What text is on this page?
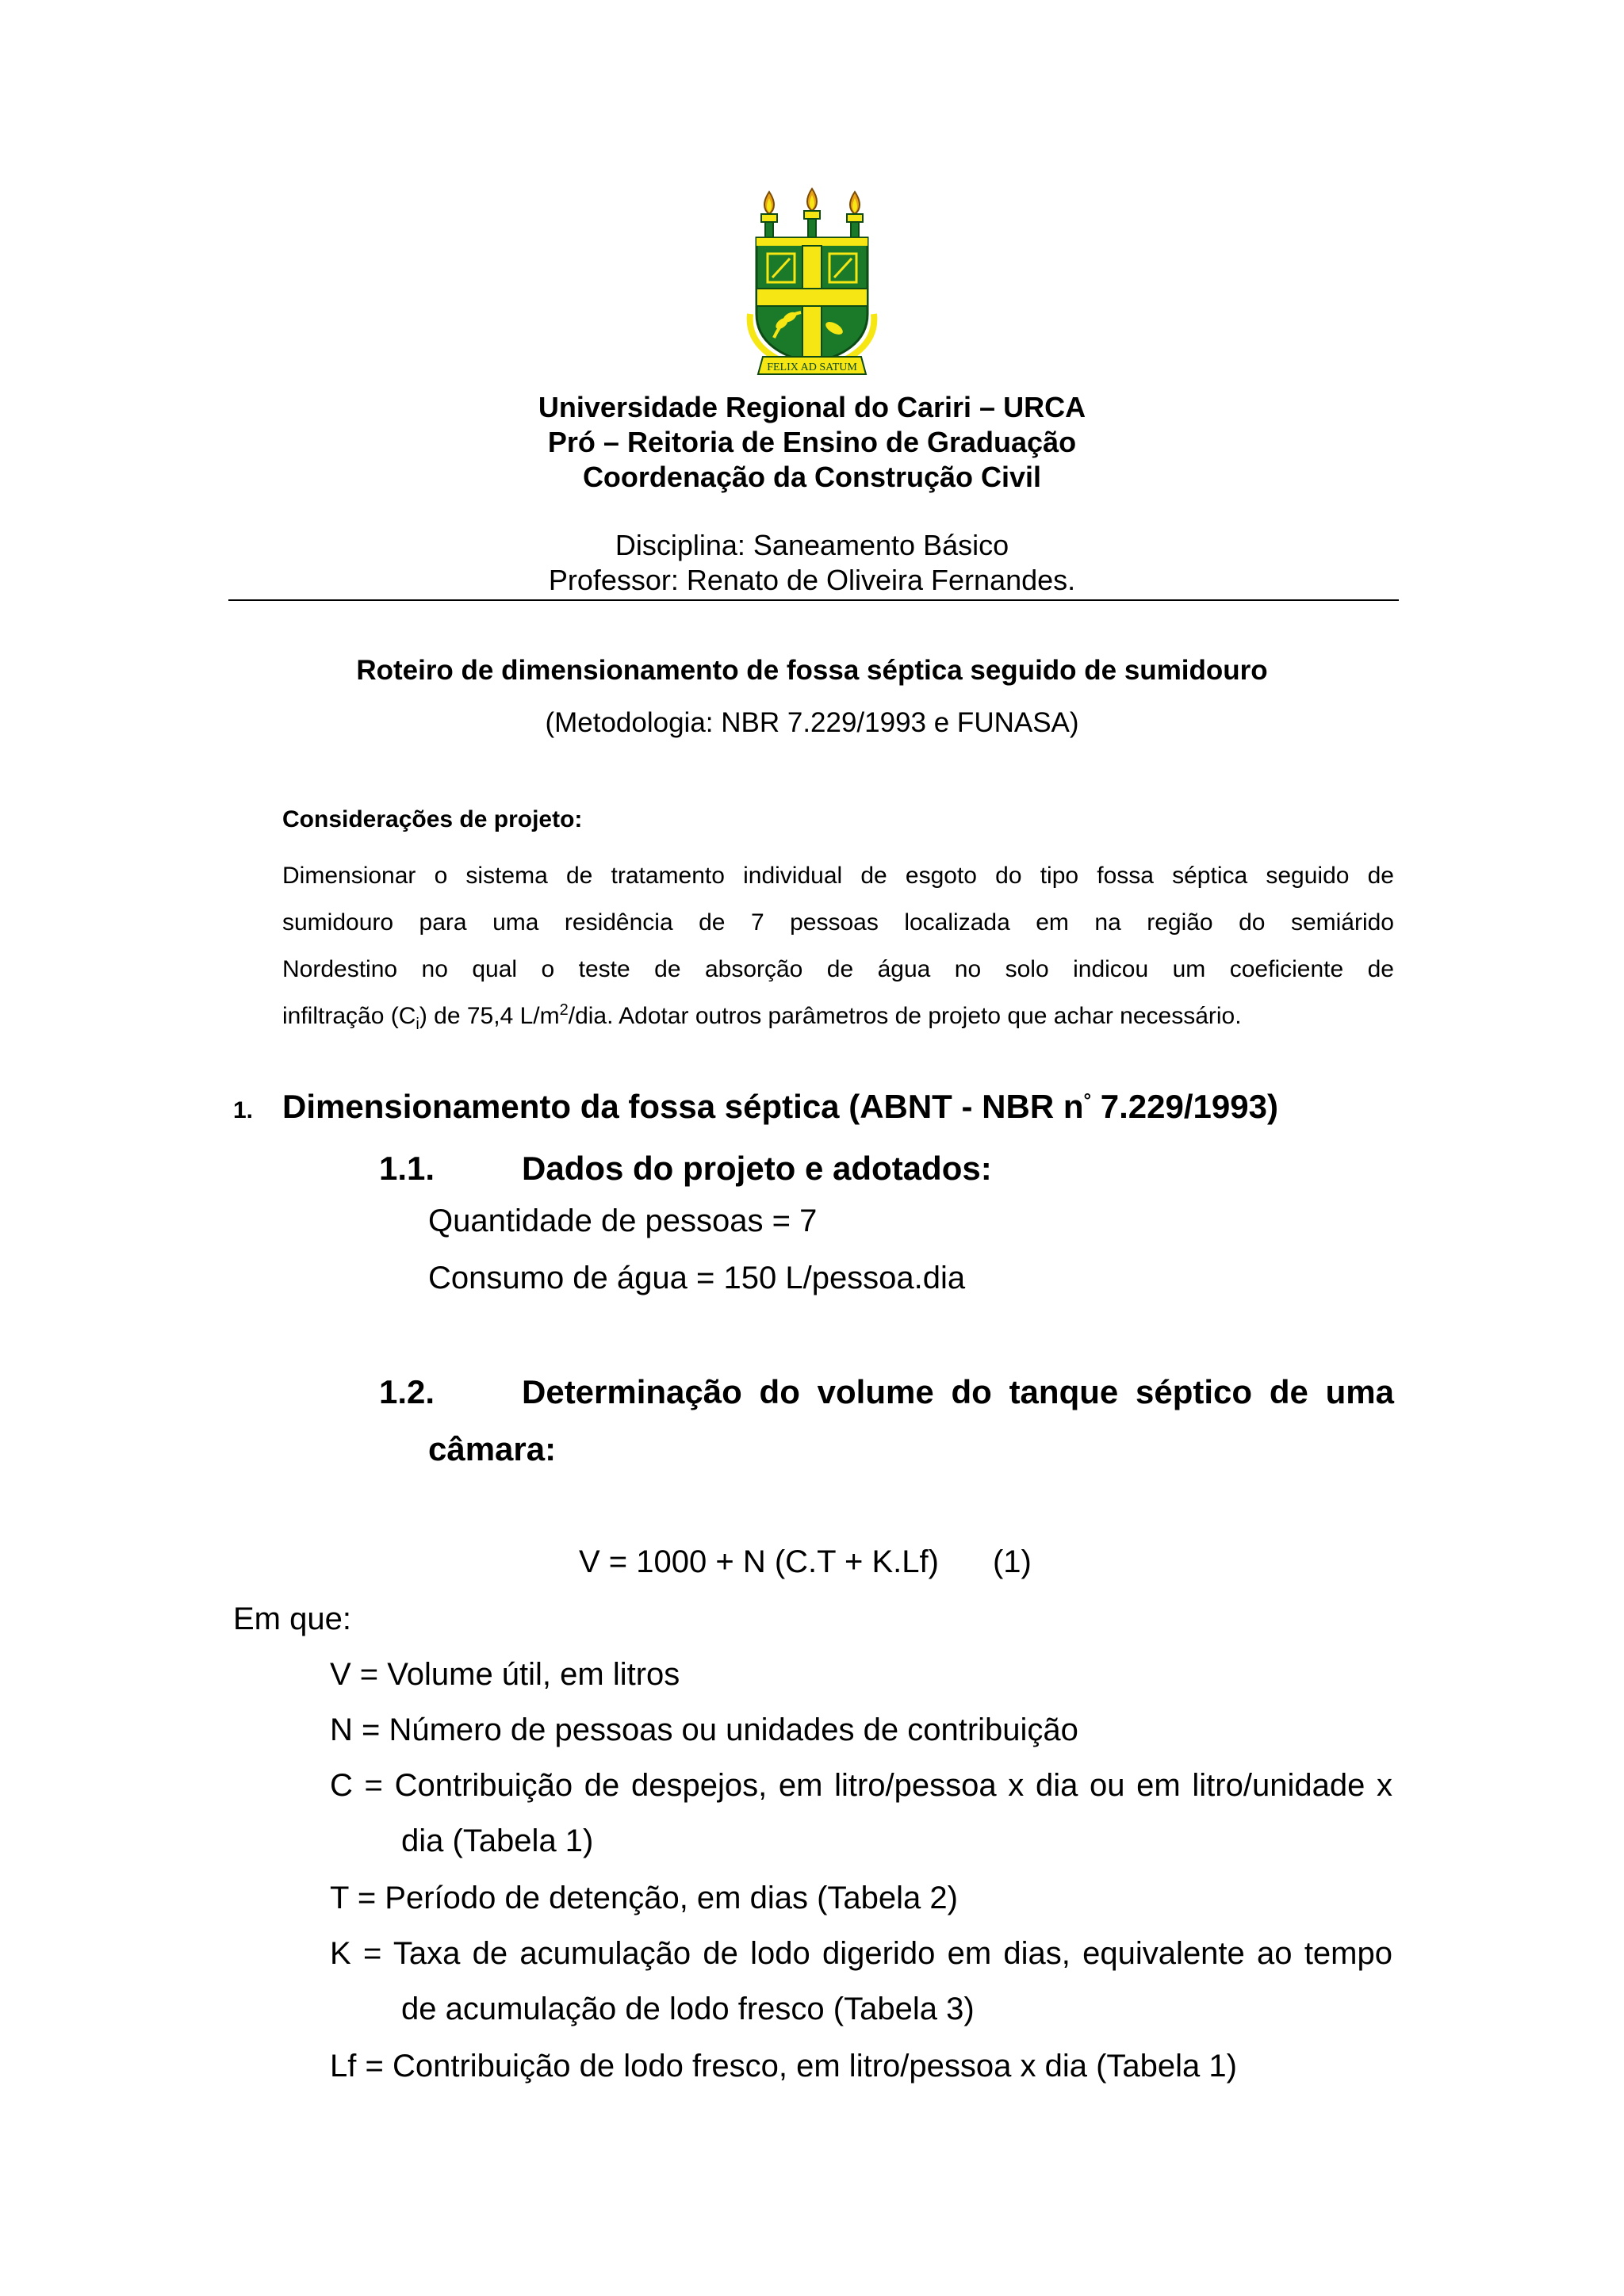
FELIX AD SATUM
Universidade Regional do Cariri – URCA
Pró – Reitoria de Ensino de Graduação
Coordenação da Construção Civil
Disciplina: Saneamento Básico
Professor: Renato de Oliveira Fernandes.
Roteiro de dimensionamento de fossa séptica seguido de sumidouro
(Metodologia: NBR 7.229/1993 e FUNASA)
Considerações de projeto:
Dimensionar o sistema de tratamento individual de esgoto do tipo fossa séptica seguido de
sumidouro para uma residência de 7 pessoas localizada em na região do semiárido
Nordestino no qual o teste de absorção de água no solo indicou um coeficiente de
infiltração $(C_i)$ de 75,4 $L/m^2$/dia. Adotar outros parâmetros de projeto que achar necessário.
1. Dimensionamento da fossa séptica (ABNT - NBR n° 7.229/1993)
1.1.	Dados do projeto e adotados:
Quantidade de pessoas = 7
Consumo de água = 150 L/pessoa.dia
1.2.	Determinação do volume do tanque séptico de uma
câmara:
V = 1000 + N (C.T + K.Lf) (1)
Em que:
V = Volume útil, em litros
N = Número de pessoas ou unidades de contribuição
C = Contribuição de despejos, em litro/pessoa x dia ou em litro/unidade x
dia (Tabela 1)
T = Período de detenção, em dias (Tabela 2)
K = Taxa de acumulação de lodo digerido em dias, equivalente ao tempo
de acumulação de lodo fresco (Tabela 3)
Lf = Contribuição de lodo fresco, em litro/pessoa x dia (Tabela 1)
